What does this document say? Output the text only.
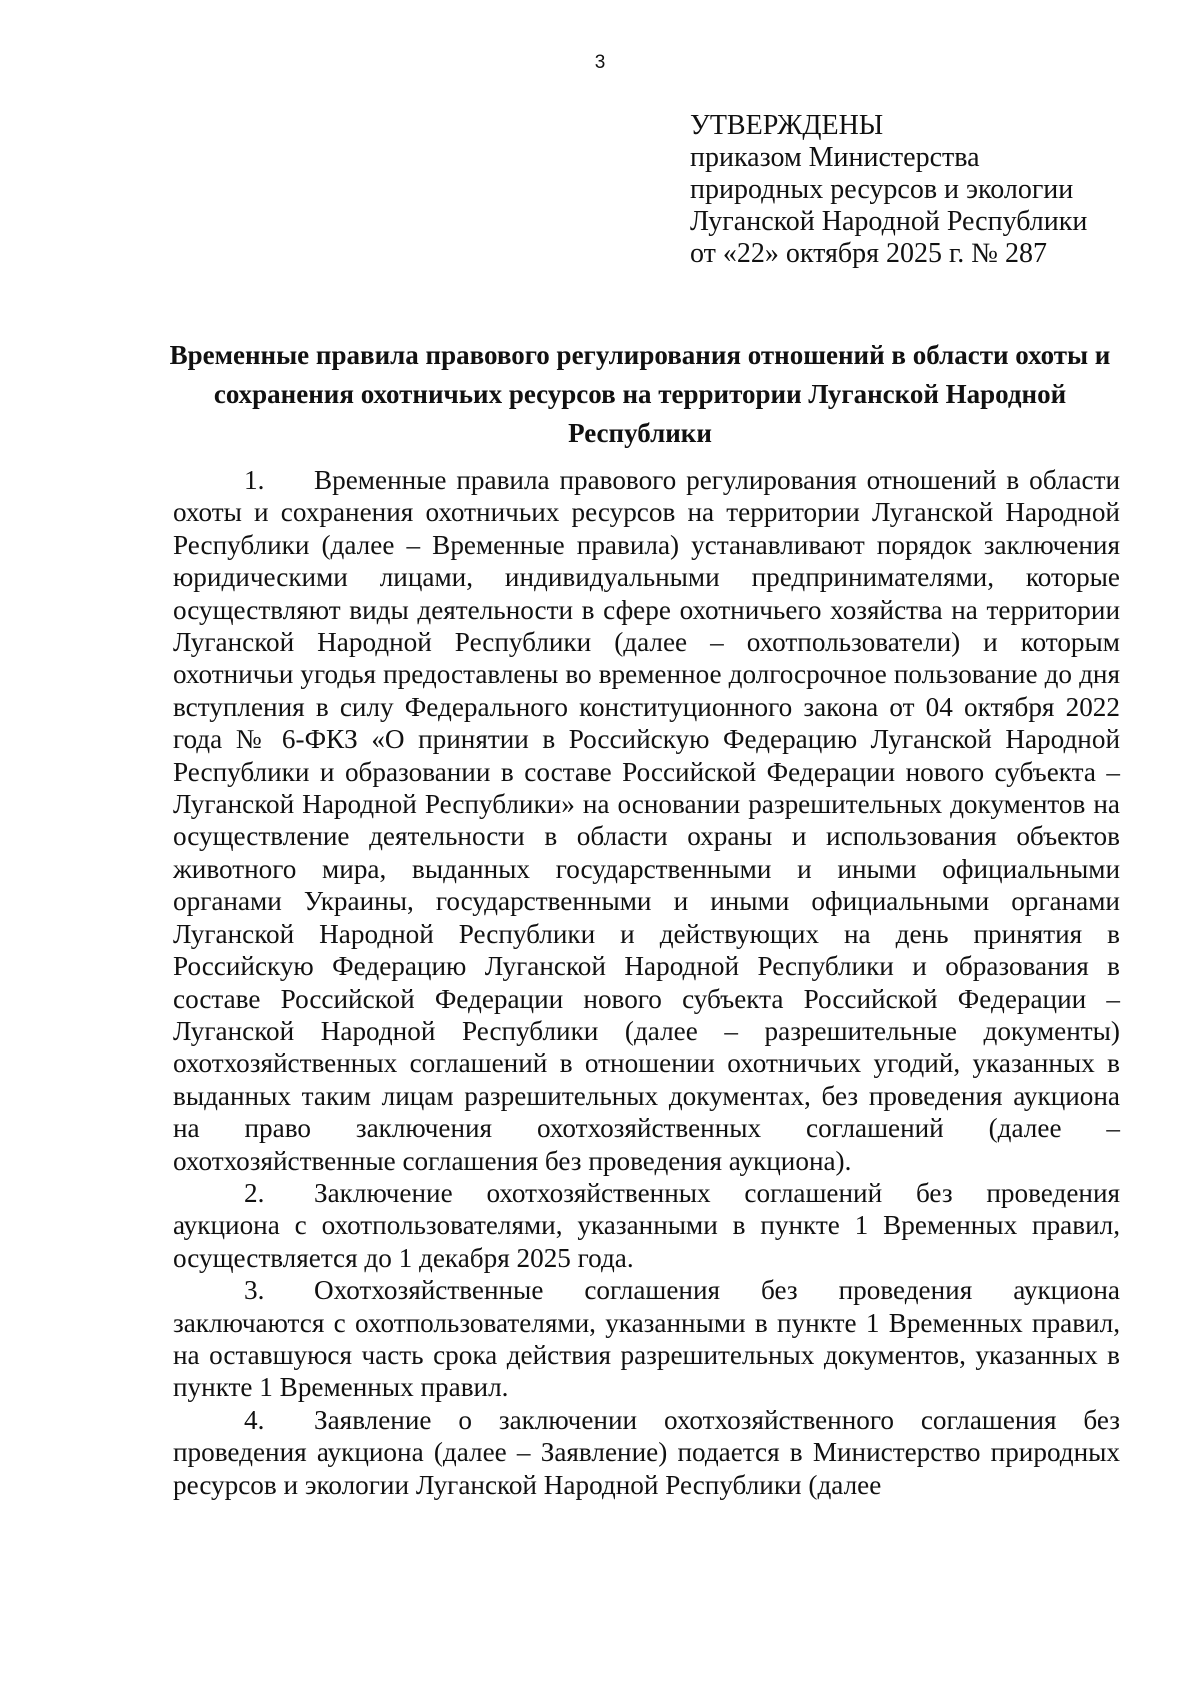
3
УТВЕРЖДЕНЫ
приказом Министерства
природных ресурсов и экологии
Луганской Народной Республики
от «22» октября 2025 г. № 287
Временные правила правового регулирования отношений в области охоты и сохранения охотничьих ресурсов на территории Луганской Народной Республики

1. Временные правила правового регулирования отношений в области охоты и сохранения охотничьих ресурсов на территории Луганской Народной Республики (далее – Временные правила) устанавливают порядок заключения юридическими лицами, индивидуальными предпринимателями, которые осуществляют виды деятельности в сфере охотничьего хозяйства на территории Луганской Народной Республики (далее – охотпользователи) и которым охотничьи угодья предоставлены во временное долгосрочное пользование до дня вступления в силу Федерального конституционного закона от 04 октября 2022 года № 6-ФКЗ «О принятии в Российскую Федерацию Луганской Народной Республики и образовании в составе Российской Федерации нового субъекта – Луганской Народной Республики» на основании разрешительных документов на осуществление деятельности в области охраны и использования объектов животного мира, выданных государственными и иными официальными органами Украины, государственными и иными официальными органами Луганской Народной Республики и действующих на день принятия в Российскую Федерацию Луганской Народной Республики и образования в составе Российской Федерации нового субъекта Российской Федерации – Луганской Народной Республики (далее – разрешительные документы) охотхозяйственных соглашений в отношении охотничьих угодий, указанных в выданных таким лицам разрешительных документах, без проведения аукциона на право заключения охотхозяйственных соглашений (далее – охотхозяйственные соглашения без проведения аукциона).

2. Заключение охотхозяйственных соглашений без проведения аукциона с охотпользователями, указанными в пункте 1 Временных правил, осуществляется до 1 декабря 2025 года.

3. Охотхозяйственные соглашения без проведения аукциона заключаются с охотпользователями, указанными в пункте 1 Временных правил, на оставшуюся часть срока действия разрешительных документов, указанных в пункте 1 Временных правил.

4. Заявление о заключении охотхозяйственного соглашения без проведения аукциона (далее – Заявление) подается в Министерство природных ресурсов и экологии Луганской Народной Республики (далее
